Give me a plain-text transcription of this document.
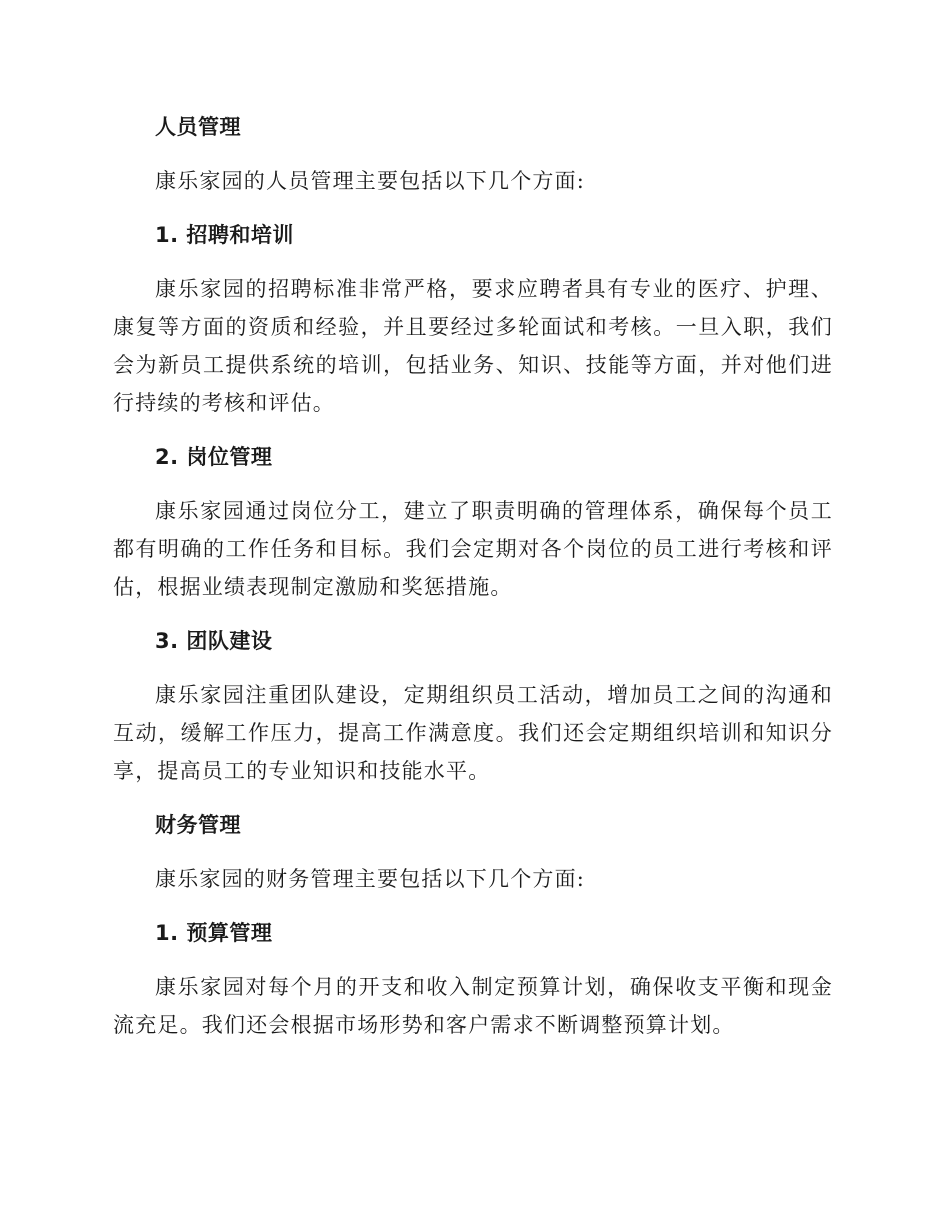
人员管理
康乐家园的人员管理主要包括以下几个方面:
1. 招聘和培训
康乐家园的招聘标准非常严格，要求应聘者具有专业的医疗、护理、康复等方面的资质和经验，并且要经过多轮面试和考核。一旦入职，我们会为新员工提供系统的培训，包括业务、知识、技能等方面，并对他们进行持续的考核和评估。
2. 岗位管理
康乐家园通过岗位分工，建立了职责明确的管理体系，确保每个员工都有明确的工作任务和目标。我们会定期对各个岗位的员工进行考核和评估，根据业绩表现制定激励和奖惩措施。
3. 团队建设
康乐家园注重团队建设，定期组织员工活动，增加员工之间的沟通和互动，缓解工作压力，提高工作满意度。我们还会定期组织培训和知识分享，提高员工的专业知识和技能水平。
财务管理
康乐家园的财务管理主要包括以下几个方面:
1. 预算管理
康乐家园对每个月的开支和收入制定预算计划，确保收支平衡和现金流充足。我们还会根据市场形势和客户需求不断调整预算计划。
